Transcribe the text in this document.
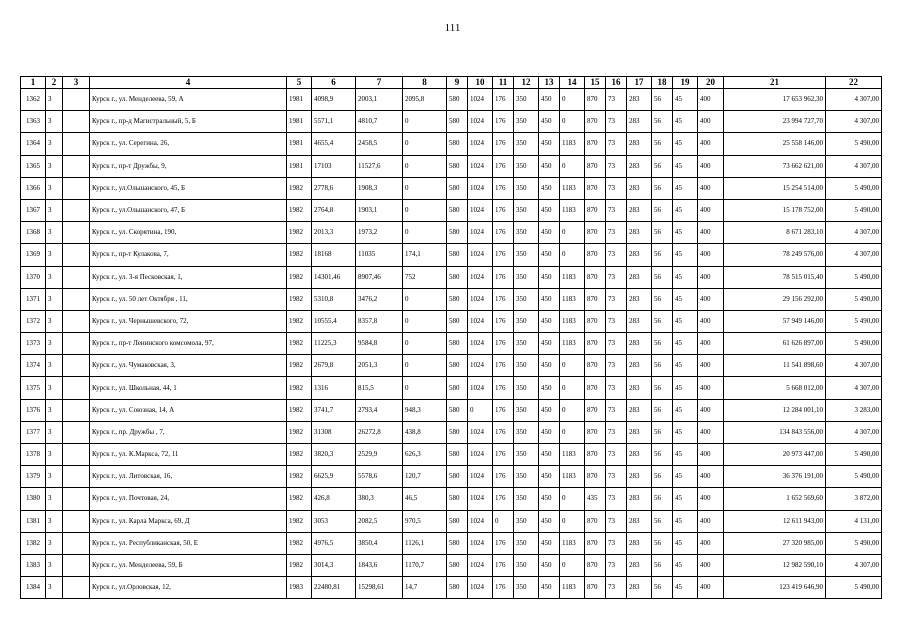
111
1	2	3	4	5	6	7	8	9	10	11	12	13	14	15	16	17	18	19	20	21	22
1362	3		Курск г., ул. Менделеева, 59, А	1981	4098,9	2003,1	2095,8	580	1024	176	350	450	0	870	73	283	56	45	400	17 653 962,30	4 307,00
1363	3		Курск г., пр-д Магистральный, 5, Б	1981	5571,1	4810,7	0	580	1024	176	350	450	0	870	73	283	56	45	400	23 994 727,70	4 307,00
1364	3		Курск г., ул. Серегина, 26,	1981	4655,4	2458,5	0	580	1024	176	350	450	1183	870	73	283	56	45	400	25 558 146,00	5 490,00
1365	3		Курск г., пр-т Дружбы, 9,	1981	17103	11527,6	0	580	1024	176	350	450	0	870	73	283	56	45	400	73 662 621,00	4 307,00
1366	3		Курск г., ул.Ольшанского, 45, Б	1982	2778,6	1908,3	0	580	1024	176	350	450	1183	870	73	283	56	45	400	15 254 514,00	5 490,00
1367	3		Курск г., ул.Ольшанского, 47, Б	1982	2764,8	1903,1	0	580	1024	176	350	450	1183	870	73	283	56	45	400	15 178 752,00	5 490,00
1368	3		Курск г., ул. Скорятина, 190,	1982	2013,3	1973,2	0	580	1024	176	350	450	0	870	73	283	56	45	400	8 671 283,10	4 307,00
1369	3		Курск г., пр-т Кулакова, 7,	1982	18168	11035	174,1	580	1024	176	350	450	0	870	73	283	56	45	400	78 249 576,00	4 307,00
1370	3		Курск г., ул. 3-я Песковская, 1,	1982	14301,46	8907,46	752	580	1024	176	350	450	1183	870	73	283	56	45	400	78 515 015,40	5 490,00
1371	3		Курск г., ул. 50 лет Октября , 11,	1982	5310,8	3476,2	0	580	1024	176	350	450	1183	870	73	283	56	45	400	29 156 292,00	5 490,00
1372	3		Курск г., ул. Чернышевского, 72,	1982	10555,4	8357,8	0	580	1024	176	350	450	1183	870	73	283	56	45	400	57 949 146,00	5 490,00
1373	3		Курск г., пр-т Ленинского комсомола, 97,	1982	11225,3	9584,8	0	580	1024	176	350	450	1183	870	73	283	56	45	400	61 626 897,00	5 490,00
1374	3		Курск г., ул. Чумаковская, 3,	1982	2679,8	2051,3	0	580	1024	176	350	450	0	870	73	283	56	45	400	11 541 898,60	4 307,00
1375	3		Курск г., ул. Школьная, 44, 1	1982	1316	815,5	0	580	1024	176	350	450	0	870	73	283	56	45	400	5 668 012,00	4 307,00
1376	3		Курск г., ул. Союзная, 14, А	1982	3741,7	2793,4	948,3	580	0	176	350	450	0	870	73	283	56	45	400	12 284 001,10	3 283,00
1377	3		Курск г., пр. Дружбы , 7,	1982	31308	26272,8	438,8	580	1024	176	350	450	0	870	73	283	56	45	400	134 843 556,00	4 307,00
1378	3		Курск г., ул. К.Маркса, 72, 11	1982	3820,3	2529,9	626,3	580	1024	176	350	450	1183	870	73	283	56	45	400	20 973 447,00	5 490,00
1379	3		Курск г., ул. Литовская, 16,	1982	6625,9	5578,6	120,7	580	1024	176	350	450	1183	870	73	283	56	45	400	36 376 191,00	5 490,00
1380	3		Курск г., ул. Почтовая, 24,	1982	426,8	380,3	46,5	580	1024	176	350	450	0	435	73	283	56	45	400	1 652 569,60	3 872,00
1381	3		Курск г., ул. Карла Маркса, 69, Д	1982	3053	2082,5	970,5	580	1024	0	350	450	0	870	73	283	56	45	400	12 611 943,00	4 131,00
1382	3		Курск г., ул. Республиканская, 50, Е	1982	4976,5	3850,4	1126,1	580	1024	176	350	450	1183	870	73	283	56	45	400	27 320 985,00	5 490,00
1383	3		Курск г., ул. Менделеева, 59, Б	1982	3014,3	1843,6	1170,7	580	1024	176	350	450	0	870	73	283	56	45	400	12 982 590,10	4 307,00
1384	3		Курск г., ул.Орловская, 12,	1983	22480,81	15298,61	14,7	580	1024	176	350	450	1183	870	73	283	56	45	400	123 419 646,90	5 490,00
